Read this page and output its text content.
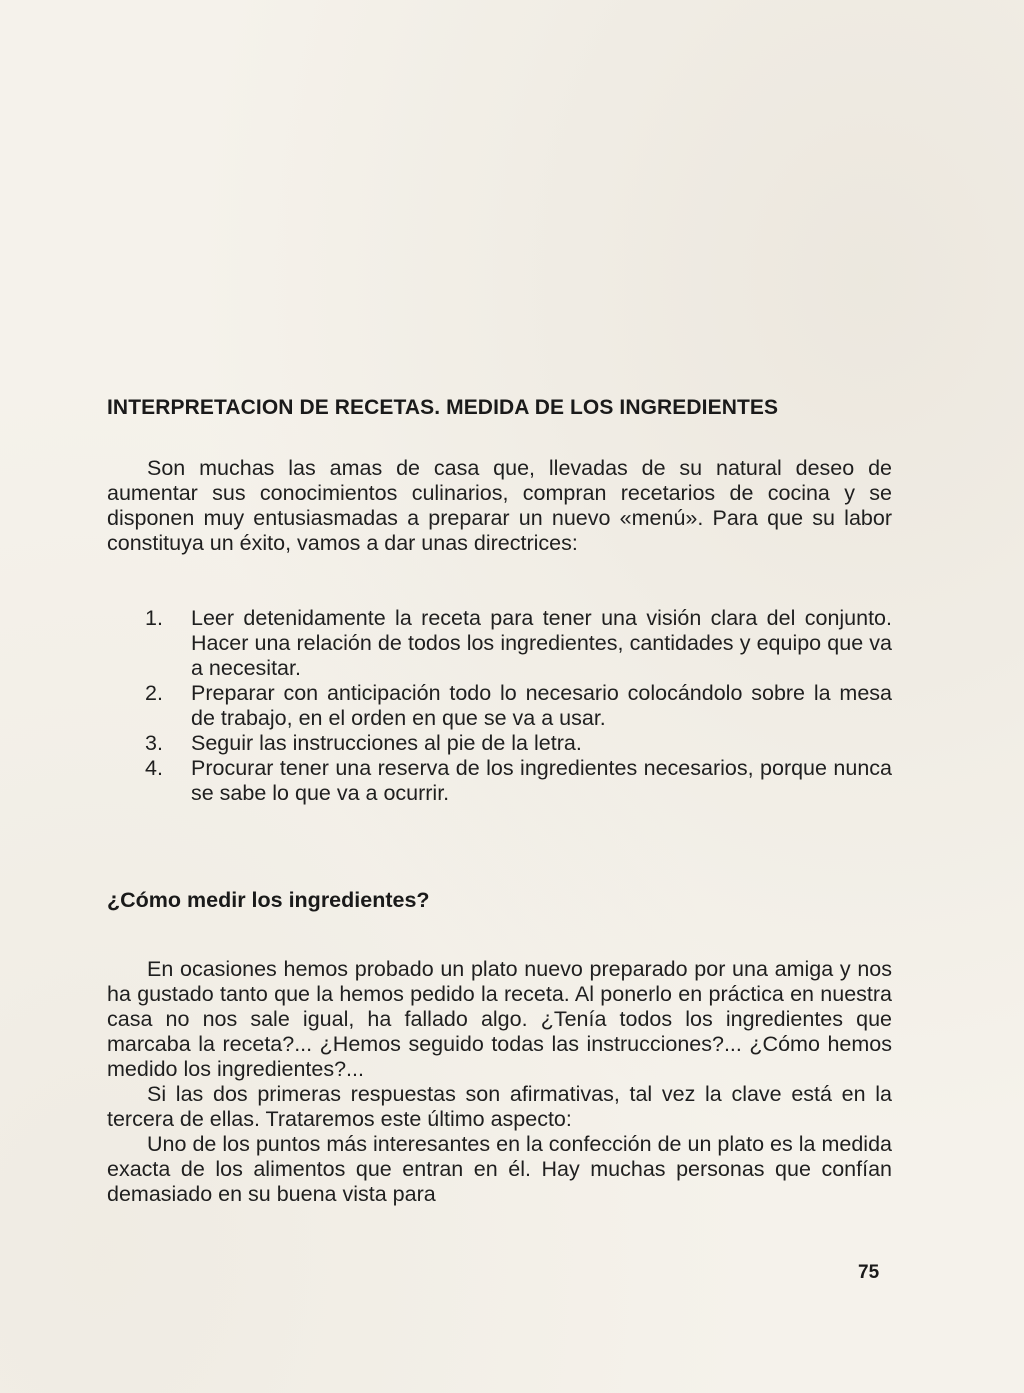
INTERPRETACION DE RECETAS. MEDIDA DE LOS INGREDIENTES

Son muchas las amas de casa que, llevadas de su natural deseo de aumentar sus conocimientos culinarios, compran recetarios de cocina y se disponen muy entusiasmadas a preparar un nuevo «menú». Para que su labor constituya un éxito, vamos a dar unas directrices:

1. Leer detenidamente la receta para tener una visión clara del conjunto. Hacer una relación de todos los ingredientes, cantidades y equipo que va a necesitar.
2. Preparar con anticipación todo lo necesario colocándolo sobre la mesa de trabajo, en el orden en que se va a usar.
3. Seguir las instrucciones al pie de la letra.
4. Procurar tener una reserva de los ingredientes necesarios, porque nunca se sabe lo que va a ocurrir.
¿Cómo medir los ingredientes?

En ocasiones hemos probado un plato nuevo preparado por una amiga y nos ha gustado tanto que la hemos pedido la receta. Al ponerlo en práctica en nuestra casa no nos sale igual, ha fallado algo. ¿Tenía todos los ingredientes que marcaba la receta?... ¿Hemos seguido todas las instrucciones?... ¿Cómo hemos medido los ingredientes?...

Si las dos primeras respuestas son afirmativas, tal vez la clave está en la tercera de ellas. Trataremos este último aspecto:

Uno de los puntos más interesantes en la confección de un plato es la medida exacta de los alimentos que entran en él. Hay muchas personas que confían demasiado en su buena vista para

75
